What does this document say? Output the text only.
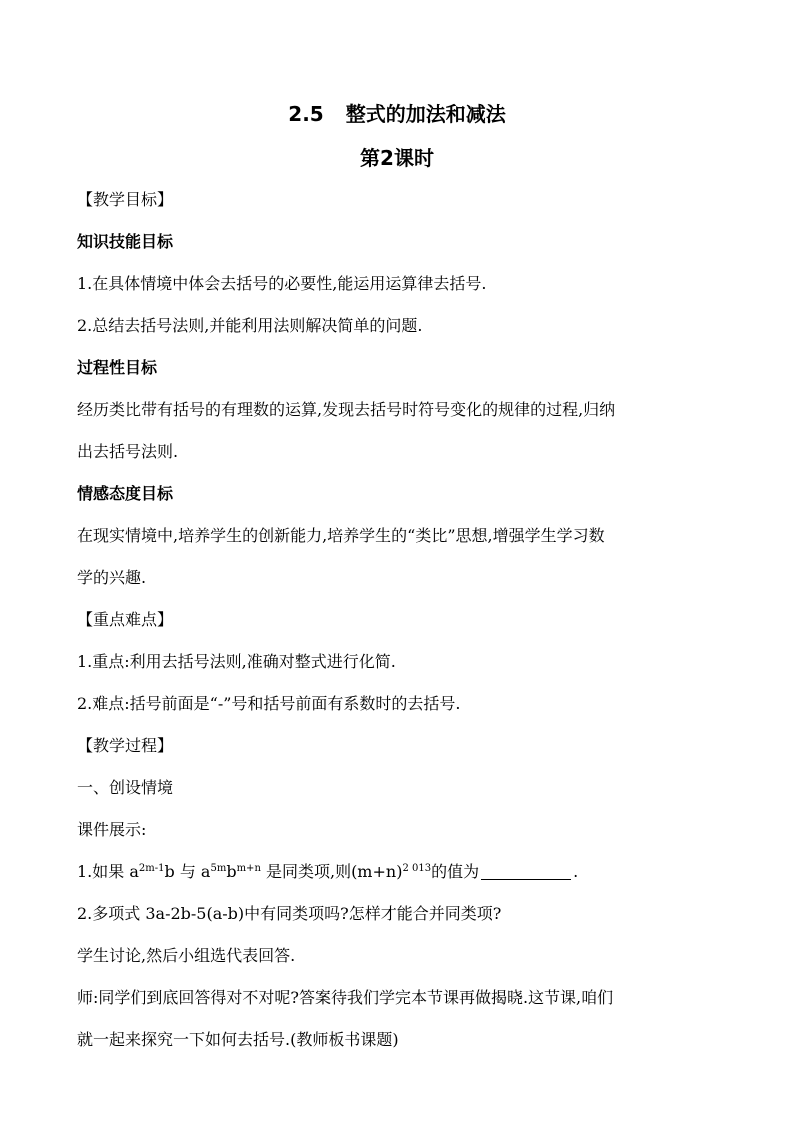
2.5 整式的加法和减法
第2课时
【教学目标】
知识技能目标
1.在具体情境中体会去括号的必要性,能运用运算律去括号.
2.总结去括号法则,并能利用法则解决简单的问题.
过程性目标
经历类比带有括号的有理数的运算,发现去括号时符号变化的规律的过程,归纳
出去括号法则.
情感态度目标
在现实情境中,培养学生的创新能力,培养学生的“类比”思想,增强学生学习数
学的兴趣.
【重点难点】
1.重点:利用去括号法则,准确对整式进行化简.
2.难点:括号前面是“-”号和括号前面有系数时的去括号.
【教学过程】
一、创设情境
课件展示:
1.如果 $a^{2m-1}b$ 与 $a^{5m}b^{m+n}$ 是同类项,则$(m+n)^{2 013}$的值为	.
2.多项式 3a-2b-5(a-b)中有同类项吗?怎样才能合并同类项?
学生讨论,然后小组选代表回答.
师:同学们到底回答得对不对呢?答案待我们学完本节课再做揭晓.这节课,咱们
就一起来探究一下如何去括号.(教师板书课题)
